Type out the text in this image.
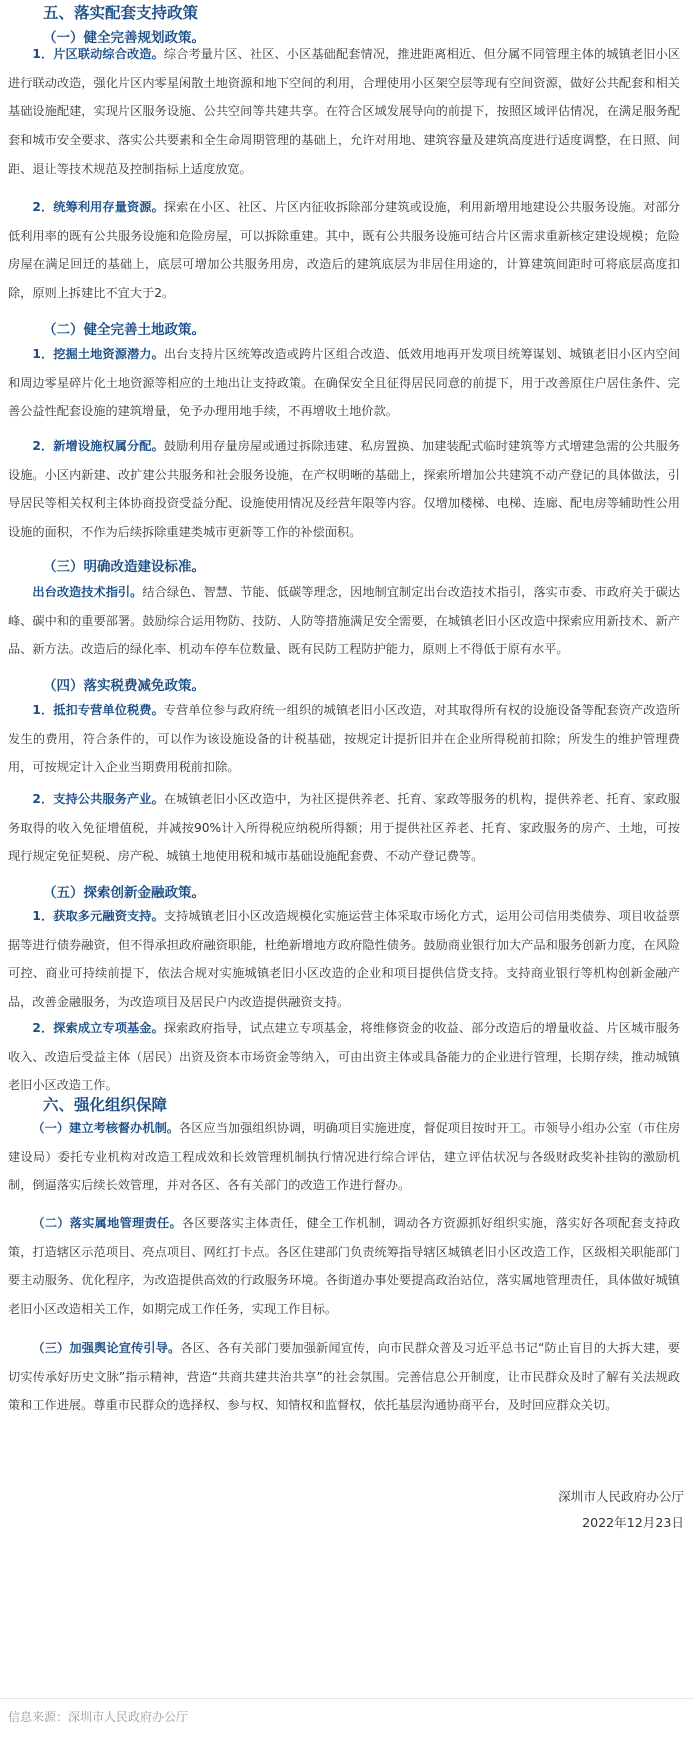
五、落实配套支持政策
（一）健全完善规划政策。

1．片区联动综合改造。综合考量片区、社区、小区基础配套情况，推进距离相近、但分属不同管理主体的城镇老旧小区进行联动改造，强化片区内零星闲散土地资源和地下空间的利用，合理使用小区架空层等现有空间资源，做好公共配套和相关基础设施配建，实现片区服务设施、公共空间等共建共享。在符合区域发展导向的前提下，按照区域评估情况，在满足服务配套和城市安全要求、落实公共要素和全生命周期管理的基础上，允许对用地、建筑容量及建筑高度进行适度调整，在日照、间距、退让等技术规范及控制指标上适度放宽。

2．统筹利用存量资源。探索在小区、社区、片区内征收拆除部分建筑或设施，利用新增用地建设公共服务设施。对部分低利用率的既有公共服务设施和危险房屋，可以拆除重建。其中，既有公共服务设施可结合片区需求重新核定建设规模；危险房屋在满足回迁的基础上，底层可增加公共服务用房，改造后的建筑底层为非居住用途的，计算建筑间距时可将底层高度扣除，原则上拆建比不宜大于2。

（二）健全完善土地政策。

1．挖掘土地资源潜力。出台支持片区统筹改造或跨片区组合改造、低效用地再开发项目统筹谋划、城镇老旧小区内空间和周边零星碎片化土地资源等相应的土地出让支持政策。在确保安全且征得居民同意的前提下，用于改善原住户居住条件、完善公益性配套设施的建筑增量，免予办理用地手续，不再增收土地价款。

2．新增设施权属分配。鼓励利用存量房屋或通过拆除违建、私房置换、加建装配式临时建筑等方式增建急需的公共服务设施。小区内新建、改扩建公共服务和社会服务设施，在产权明晰的基础上，探索所增加公共建筑不动产登记的具体做法，引导居民等相关权利主体协商投资受益分配、设施使用情况及经营年限等内容。仅增加楼梯、电梯、连廊、配电房等辅助性公用设施的面积，不作为后续拆除重建类城市更新等工作的补偿面积。

（三）明确改造建设标准。

出台改造技术指引。结合绿色、智慧、节能、低碳等理念，因地制宜制定出台改造技术指引，落实市委、市政府关于碳达峰、碳中和的重要部署。鼓励综合运用物防、技防、人防等措施满足安全需要，在城镇老旧小区改造中探索应用新技术、新产品、新方法。改造后的绿化率、机动车停车位数量、既有民防工程防护能力，原则上不得低于原有水平。

（四）落实税费减免政策。

1．抵扣专营单位税费。专营单位参与政府统一组织的城镇老旧小区改造，对其取得所有权的设施设备等配套资产改造所发生的费用，符合条件的，可以作为该设施设备的计税基础，按规定计提折旧并在企业所得税前扣除；所发生的维护管理费用，可按规定计入企业当期费用税前扣除。

2．支持公共服务产业。在城镇老旧小区改造中，为社区提供养老、托育、家政等服务的机构，提供养老、托育、家政服务取得的收入免征增值税，并减按90%计入所得税应纳税所得额；用于提供社区养老、托育、家政服务的房产、土地，可按现行规定免征契税、房产税、城镇土地使用税和城市基础设施配套费、不动产登记费等。

（五）探索创新金融政策。

1．获取多元融资支持。支持城镇老旧小区改造规模化实施运营主体采取市场化方式，运用公司信用类债券、项目收益票据等进行债券融资，但不得承担政府融资职能，杜绝新增地方政府隐性债务。鼓励商业银行加大产品和服务创新力度，在风险可控、商业可持续前提下，依法合规对实施城镇老旧小区改造的企业和项目提供信贷支持。支持商业银行等机构创新金融产品，改善金融服务，为改造项目及居民户内改造提供融资支持。

2．探索成立专项基金。探索政府指导，试点建立专项基金，将维修资金的收益、部分改造后的增量收益、片区城市服务收入、改造后受益主体（居民）出资及资本市场资金等纳入，可由出资主体或具备能力的企业进行管理，长期存续，推动城镇老旧小区改造工作。

六、强化组织保障

（一）建立考核督办机制。各区应当加强组织协调，明确项目实施进度，督促项目按时开工。市领导小组办公室（市住房建设局）委托专业机构对改造工程成效和长效管理机制执行情况进行综合评估，建立评估状况与各级财政奖补挂钩的激励机制，倒逼落实后续长效管理，并对各区、各有关部门的改造工作进行督办。

（二）落实属地管理责任。各区要落实主体责任，健全工作机制，调动各方资源抓好组织实施，落实好各项配套支持政策，打造辖区示范项目、亮点项目、网红打卡点。各区住建部门负责统筹指导辖区城镇老旧小区改造工作，区级相关职能部门要主动服务、优化程序，为改造提供高效的行政服务环境。各街道办事处要提高政治站位，落实属地管理责任，具体做好城镇老旧小区改造相关工作，如期完成工作任务，实现工作目标。

（三）加强舆论宣传引导。各区、各有关部门要加强新闻宣传，向市民群众普及习近平总书记“防止盲目的大拆大建，要切实传承好历史文脉”指示精神，营造“共商共建共治共享”的社会氛围。完善信息公开制度，让市民群众及时了解有关法规政策和工作进展。尊重市民群众的选择权、参与权、知情权和监督权，依托基层沟通协商平台，及时回应群众关切。

深圳市人民政府办公厅
2022年12月23日
信息来源：深圳市人民政府办公厅
